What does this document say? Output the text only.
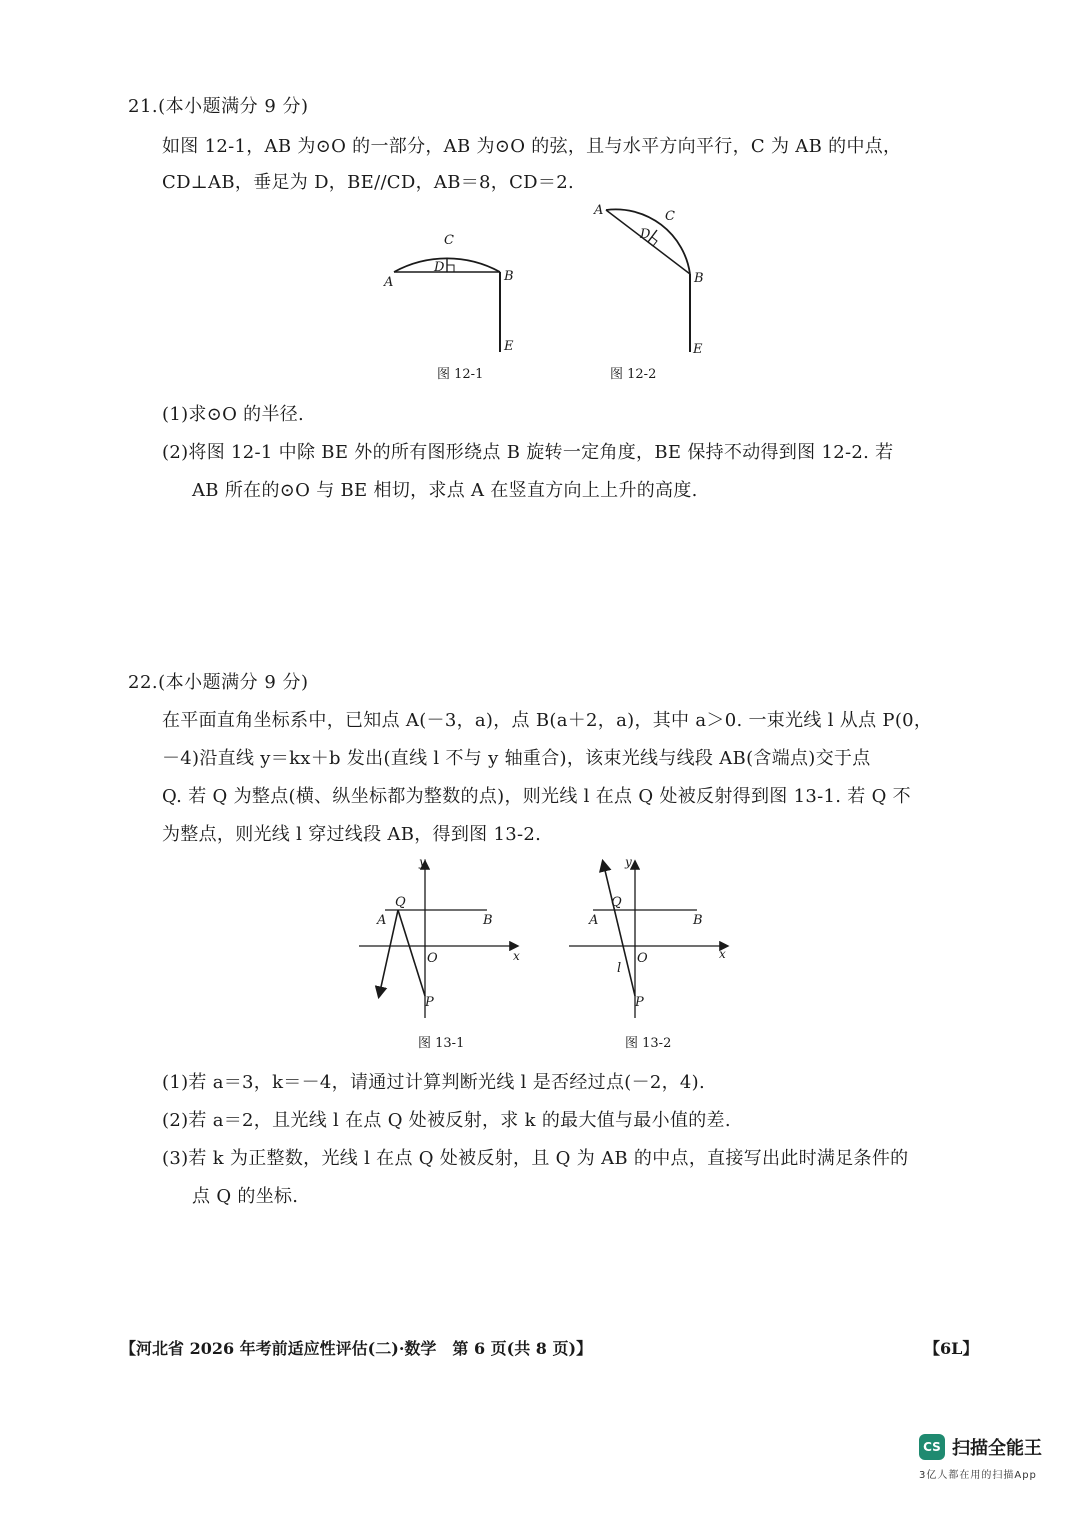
21.(本小题满分 9 分)
如图 12-1，AB 为⊙O 的一部分，AB 为⊙O 的弦，且与水平方向平行，C 为 AB 的中点，
CD⊥AB，垂足为 D，BE//CD，AB＝8，CD＝2.
A	B
C
D
E
图 12-1
A
B
C
D
E
图 12-2
(1)求⊙O 的半径.
(2)将图 12-1 中除 BE 外的所有图形绕点 B 旋转一定角度，BE 保持不动得到图 12-2. 若
AB 所在的⊙O 与 BE 相切，求点 A 在竖直方向上上升的高度.
22.(本小题满分 9 分)
在平面直角坐标系中，已知点 A(－3，a)，点 B(a＋2，a)，其中 a＞0. 一束光线 l 从点 P(0，
－4)沿直线 y＝kx＋b 发出(直线 l 不与 y 轴重合)，该束光线与线段 AB(含端点)交于点
Q. 若 Q 为整点(横、纵坐标都为整数的点)，则光线 l 在点 Q 处被反射得到图 13-1. 若 Q 不
为整点，则光线 l 穿过线段 AB，得到图 13-2.
y
x
Q
A	B
O
P
图 13-1
y
x
Q
A	B
O
P
l
图 13-2
(1)若 a＝3，k＝－4，请通过计算判断光线 l 是否经过点(－2，4).
(2)若 a＝2，且光线 l 在点 Q 处被反射，求 k 的最大值与最小值的差.
(3)若 k 为正整数，光线 l 在点 Q 处被反射，且 Q 为 AB 的中点，直接写出此时满足条件的
点 Q 的坐标.
【河北省 2026 年考前适应性评估(二)·数学　第 6 页(共 8 页)】	【6L】
CS 扫描全能王
3亿人都在用的扫描App
